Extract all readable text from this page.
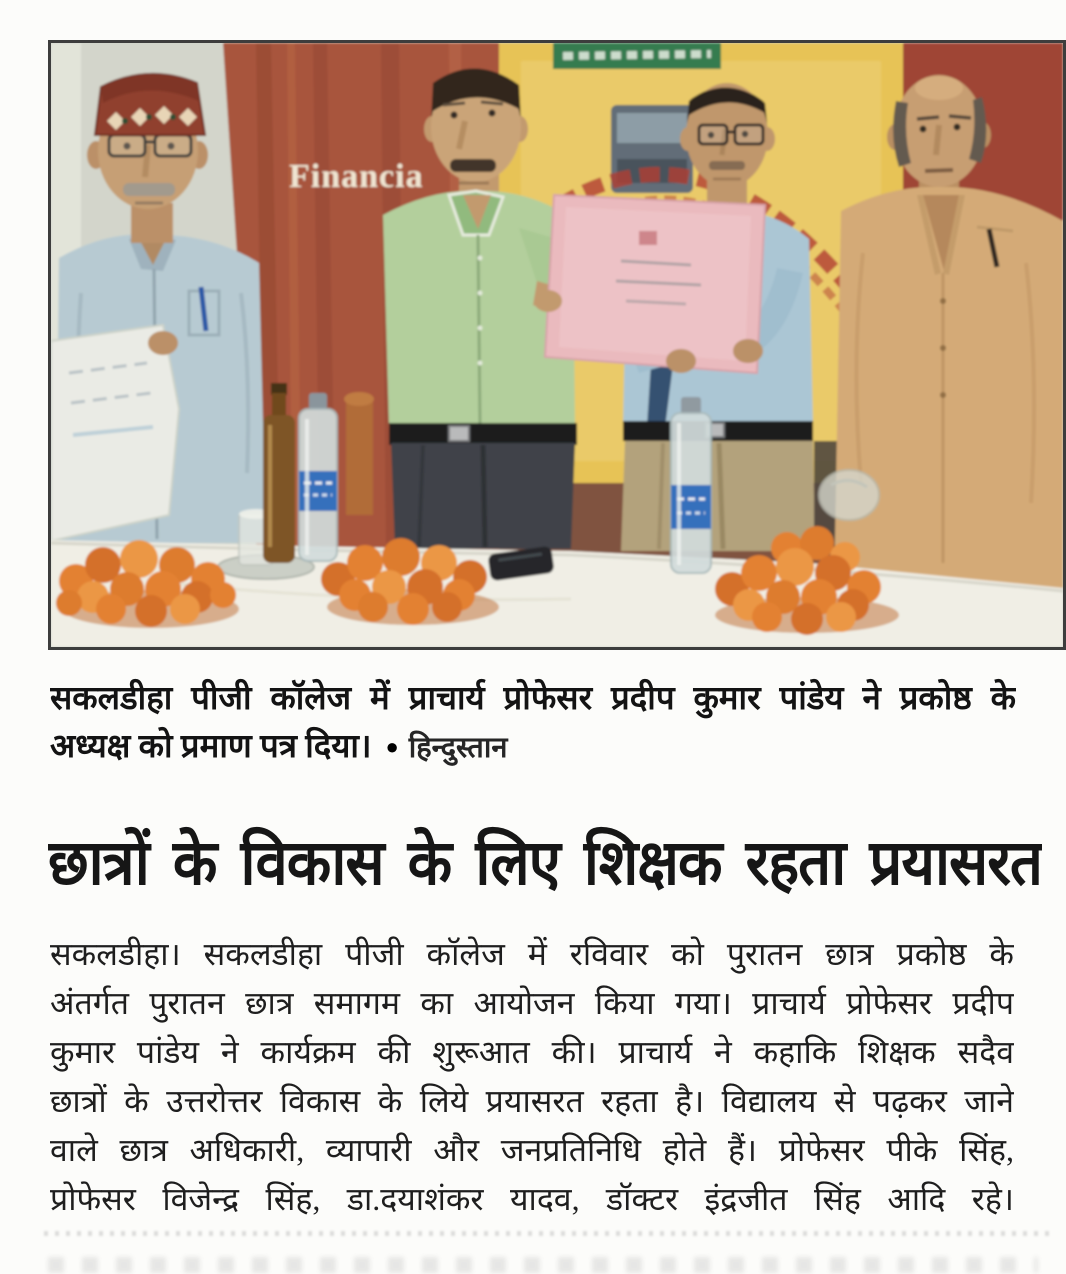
Financia
सकलडीहा पीजी कॉलेज में प्राचार्य प्रोफेसर प्रदीप कुमार पांडेय ने प्रकोष्ठ के
अध्यक्ष को प्रमाण पत्र दिया। ● हिन्दुस्तान
छात्रों के विकास के लिए शिक्षक रहता प्रयासरत
सकलडीहा। सकलडीहा पीजी कॉलेज में रविवार को पुरातन छात्र प्रकोष्ठ के
अंतर्गत पुरातन छात्र समागम का आयोजन किया गया। प्राचार्य प्रोफेसर प्रदीप
कुमार पांडेय ने कार्यक्रम की शुरूआत की। प्राचार्य ने कहाकि शिक्षक सदैव
छात्रों के उत्तरोत्तर विकास के लिये प्रयासरत रहता है। विद्यालय से पढ़कर जाने
वाले छात्र अधिकारी, व्यापारी और जनप्रतिनिधि होते हैं। प्रोफेसर पीके सिंह,
प्रोफेसर विजेन्द्र सिंह, डा.दयाशंकर यादव, डॉक्टर इंद्रजीत सिंह आदि रहे।
